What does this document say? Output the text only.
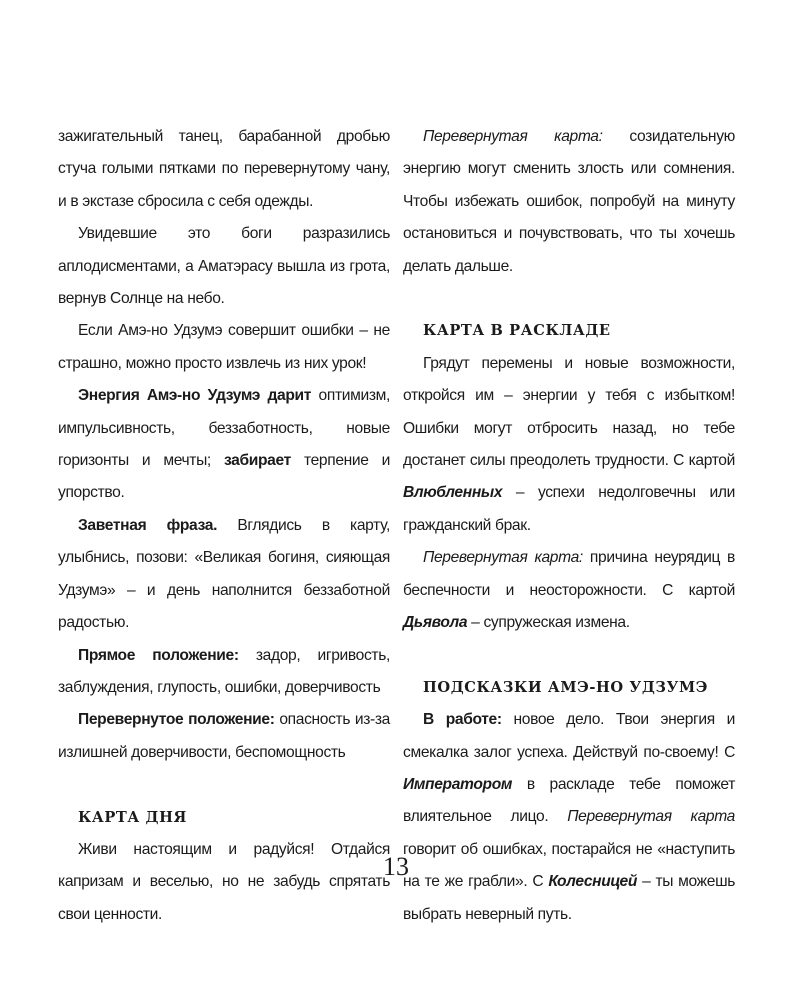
зажигательный танец, барабанной дробью стуча голыми пятками по перевернутому чану, и в экстазе сбросила с себя одежды.

Увидевшие это боги разразились аплодисментами, а Аматэрасу вышла из грота, вернув Солнце на небо.

Если Амэ-но Удзумэ совершит ошибки – не страшно, можно просто извлечь из них урок!

Энергия Амэ-но Удзумэ дарит оптимизм, импульсивность, беззаботность, новые горизонты и мечты; забирает терпение и упорство.

Заветная фраза. Вглядись в карту, улыбнись, позови: «Великая богиня, сияющая Удзумэ» – и день наполнится беззаботной радостью.

Прямое положение: задор, игривость, заблуждения, глупость, ошибки, доверчивость

Перевернутое положение: опасность из-за излишней доверчивости, беспомощность

КАРТА ДНЯ

Живи настоящим и радуйся! Отдайся капризам и веселью, но не забудь спрятать свои ценности.

Перевернутая карта: созидательную энергию могут сменить злость или сомнения. Чтобы избежать ошибок, попробуй на минуту остановиться и почувствовать, что ты хочешь делать дальше.

КАРТА В РАСКЛАДЕ

Грядут перемены и новые возможности, откройся им – энергии у тебя с избытком! Ошибки могут отбросить назад, но тебе достанет силы преодолеть трудности. С картой Влюбленных – успехи недолговечны или гражданский брак.

Перевернутая карта: причина неурядиц в беспечности и неосторожности. С картой Дьявола – супружеская измена.

ПОДСКАЗКИ АМЭ-НО УДЗУМЭ

В работе: новое дело. Твои энергия и смекалка залог успеха. Действуй по-своему! С Императором в раскладе тебе поможет влиятельное лицо. Перевернутая карта говорит об ошибках, постарайся не «наступить на те же грабли». С Колесницей – ты можешь выбрать неверный путь.

13
